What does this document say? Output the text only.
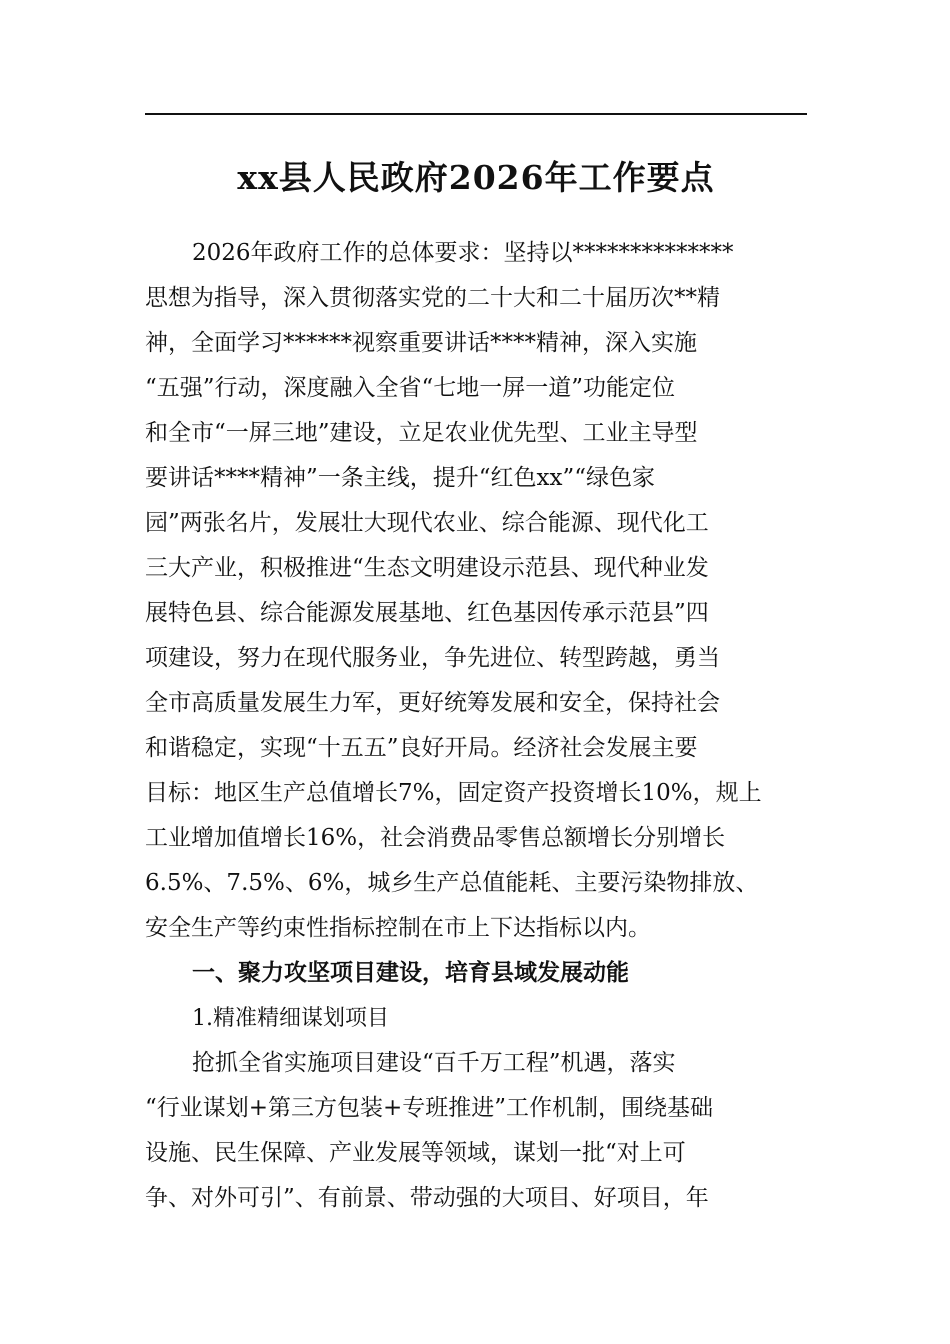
xx县人民政府2026年工作要点
2026年政府工作的总体要求：坚持以**************
思想为指导，深入贯彻落实党的二十大和二十届历次**精
神，全面学习******视察重要讲话****精神，深入实施
“五强”行动，深度融入全省“七地一屏一道”功能定位
和全市“一屏三地”建设，立足农业优先型、工业主导型
要讲话****精神”一条主线，提升“红色xx”“绿色家
园”两张名片，发展壮大现代农业、综合能源、现代化工
三大产业，积极推进“生态文明建设示范县、现代种业发
展特色县、综合能源发展基地、红色基因传承示范县”四
项建设，努力在现代服务业，争先进位、转型跨越，勇当
全市高质量发展生力军，更好统筹发展和安全，保持社会
和谐稳定，实现“十五五”良好开局。经济社会发展主要
目标：地区生产总值增长7%，固定资产投资增长10%，规上
工业增加值增长16%，社会消费品零售总额增长分别增长
6.5%、7.5%、6%，城乡生产总值能耗、主要污染物排放、
安全生产等约束性指标控制在市上下达指标以内。
一、聚力攻坚项目建设，培育县域发展动能
1.精准精细谋划项目
抢抓全省实施项目建设“百千万工程”机遇，落实
“行业谋划+第三方包装+专班推进”工作机制，围绕基础
设施、民生保障、产业发展等领域，谋划一批“对上可
争、对外可引”、有前景、带动强的大项目、好项目，年
